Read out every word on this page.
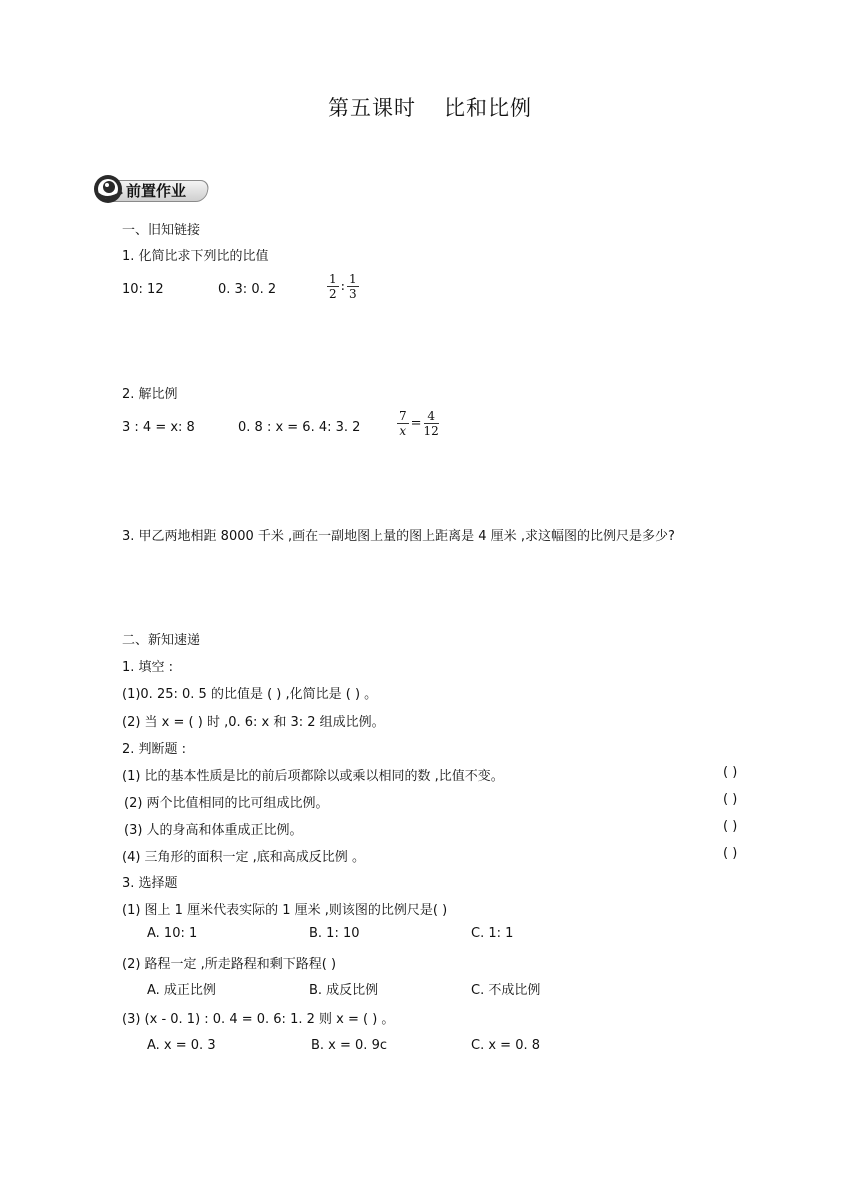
第五课时 比和比例
前置作业
一、旧知链接
1. 化简比求下列比的比值
10: 12	0. 3: 0. 2	$\frac{1}{2}$ : $\frac{1}{3}$
2. 解比例
3 : 4 = x: 8	0. 8 : x = 6. 4: 3. 2	$\frac{7}{x} = \frac{4}{12}$
3. 甲乙两地相距 8000 千米 ,画在一副地图上量的图上距离是 4 厘米 ,求这幅图的比例尺是多少?
二、新知速递
1. 填空 :
(1)0. 25: 0. 5 的比值是 ( ) ,化简比是 ( ) 。
(2) 当 x = ( ) 时 ,0. 6: x 和 3: 2 组成比例。
2. 判断题 :
(1) 比的基本性质是比的前后项都除以或乘以相同的数 ,比值不变。	( )
(2) 两个比值相同的比可组成比例。	( )
(3) 人的身高和体重成正比例。	( )
(4) 三角形的面积一定 ,底和高成反比例 。	( )
3. 选择题
(1) 图上 1 厘米代表实际的 1 厘米 ,则该图的比例尺是( )
A. 10: 1	B. 1: 10	C. 1: 1
(2) 路程一定 ,所走路程和剩下路程( )
A. 成正比例	B. 成反比例	C. 不成比例
(3) (x - 0. 1) : 0. 4 = 0. 6: 1. 2 则 x = ( ) 。
A. x = 0. 3	B. x = 0. 9c	C. x = 0. 8
